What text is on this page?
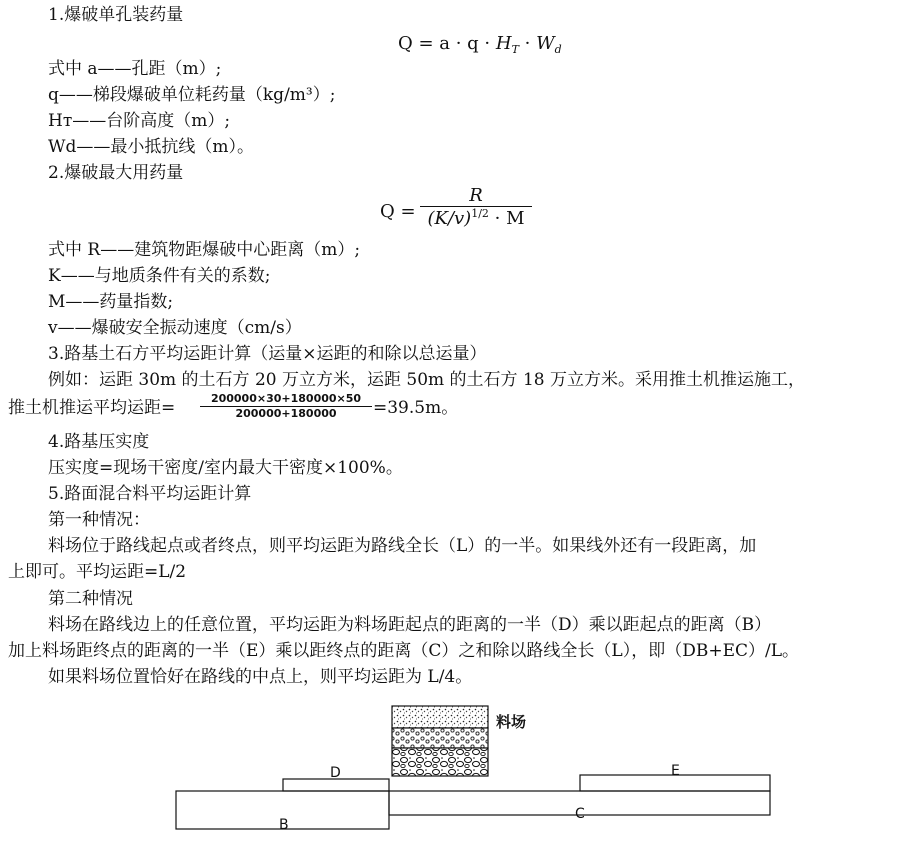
1.爆破单孔装药量
$Q = a \cdot q \cdot H_T \cdot W_d$
式中 a——孔距（m）;
q——梯段爆破单位耗药量（kg/m³）;
Hт——台阶高度（m）;
Wd——最小抵抗线（m）。
2.爆破最大用药量
Q =
R
$(K/v)^{1/2} \cdot M$
式中 R——建筑物距爆破中心距离（m）;
K——与地质条件有关的系数;
M——药量指数;
v——爆破安全振动速度（cm/s）
3.路基土石方平均运距计算（运量×运距的和除以总运量）
例如：运距 30m 的土石方 20 万立方米，运距 50m 的土石方 18 万立方米。采用推土机推运施工，
推土机推运平均运距=	200000×30+180000×50
200000+180000	=39.5m。
4.路基压实度
压实度=现场干密度/室内最大干密度×100%。
5.路面混合料平均运距计算
第一种情况：
料场位于路线起点或者终点，则平均运距为路线全长（L）的一半。如果线外还有一段距离，加
上即可。平均运距=L/2
第二种情况
料场在路线边上的任意位置，平均运距为料场距起点的距离的一半（D）乘以距起点的距离（B）
加上料场距终点的距离的一半（E）乘以距终点的距离（C）之和除以路线全长（L），即（DB+EC）/L。
如果料场位置恰好在路线的中点上，则平均运距为 L/4。
料场
D	E
B
C
